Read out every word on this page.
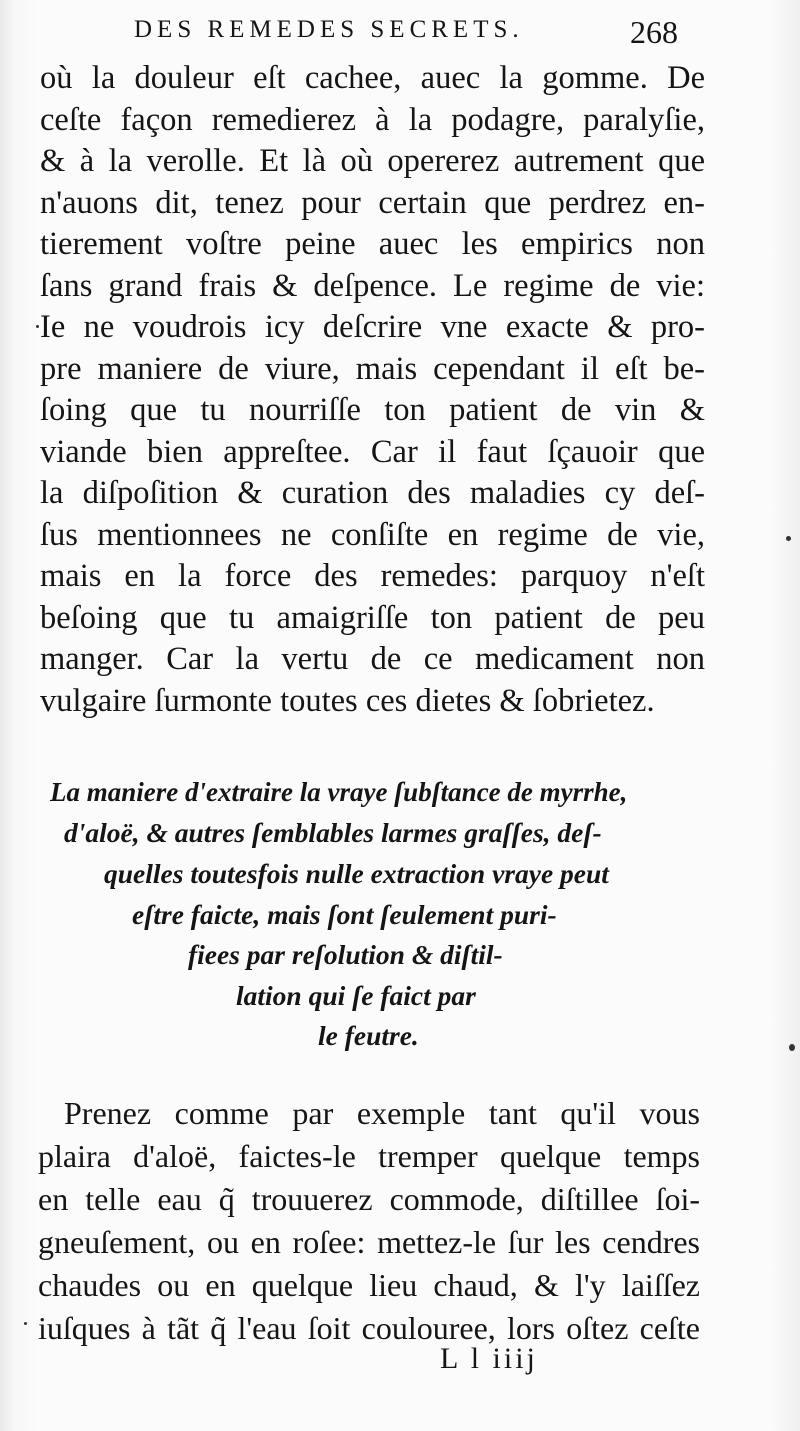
DES REMEDES SECRETS.	268
où la douleur eſt cachee, auec la gomme. De
ceſte façon remedierez à la podagre, paralyſie,
& à la verolle. Et là où opererez autrement que
n'auons dit, tenez pour certain que perdrez en-
tierement voſtre peine auec les empirics non
ſans grand frais & deſpence. Le regime de vie:
Ie ne voudrois icy deſcrire vne exacte & pro-
pre maniere de viure, mais cependant il eſt be-
ſoing que tu nourriſſe ton patient de vin &
viande bien appreſtee. Car il faut ſçauoir que
la diſpoſition & curation des maladies cy deſ-
ſus mentionnees ne conſiſte en regime de vie,
mais en la force des remedes: parquoy n'eſt
beſoing que tu amaigriſſe ton patient de peu
manger. Car la vertu de ce medicament non
vulgaire ſurmonte toutes ces dietes & ſobrietez.
La maniere d'extraire la vraye ſubſtance de myrrhe,
d'aloë, & autres ſemblables larmes graſſes, deſ-
quelles toutesfois nulle extraction vraye peut
eſtre faicte, mais ſont ſeulement puri-
fiees par reſolution & diſtil-
lation qui ſe faict par
le feutre.
Prenez comme par exemple tant qu'il vous
plaira d'aloë, faictes-le tremper quelque temps
en telle eau q̃ trouuerez commode, diſtillee ſoi-
gneuſement, ou en roſee: mettez-le ſur les cendres
chaudes ou en quelque lieu chaud, & l'y laiſſez
iuſques à tãt q̃ l'eau ſoit coulouree, lors oſtez ceſte
L l iiij
